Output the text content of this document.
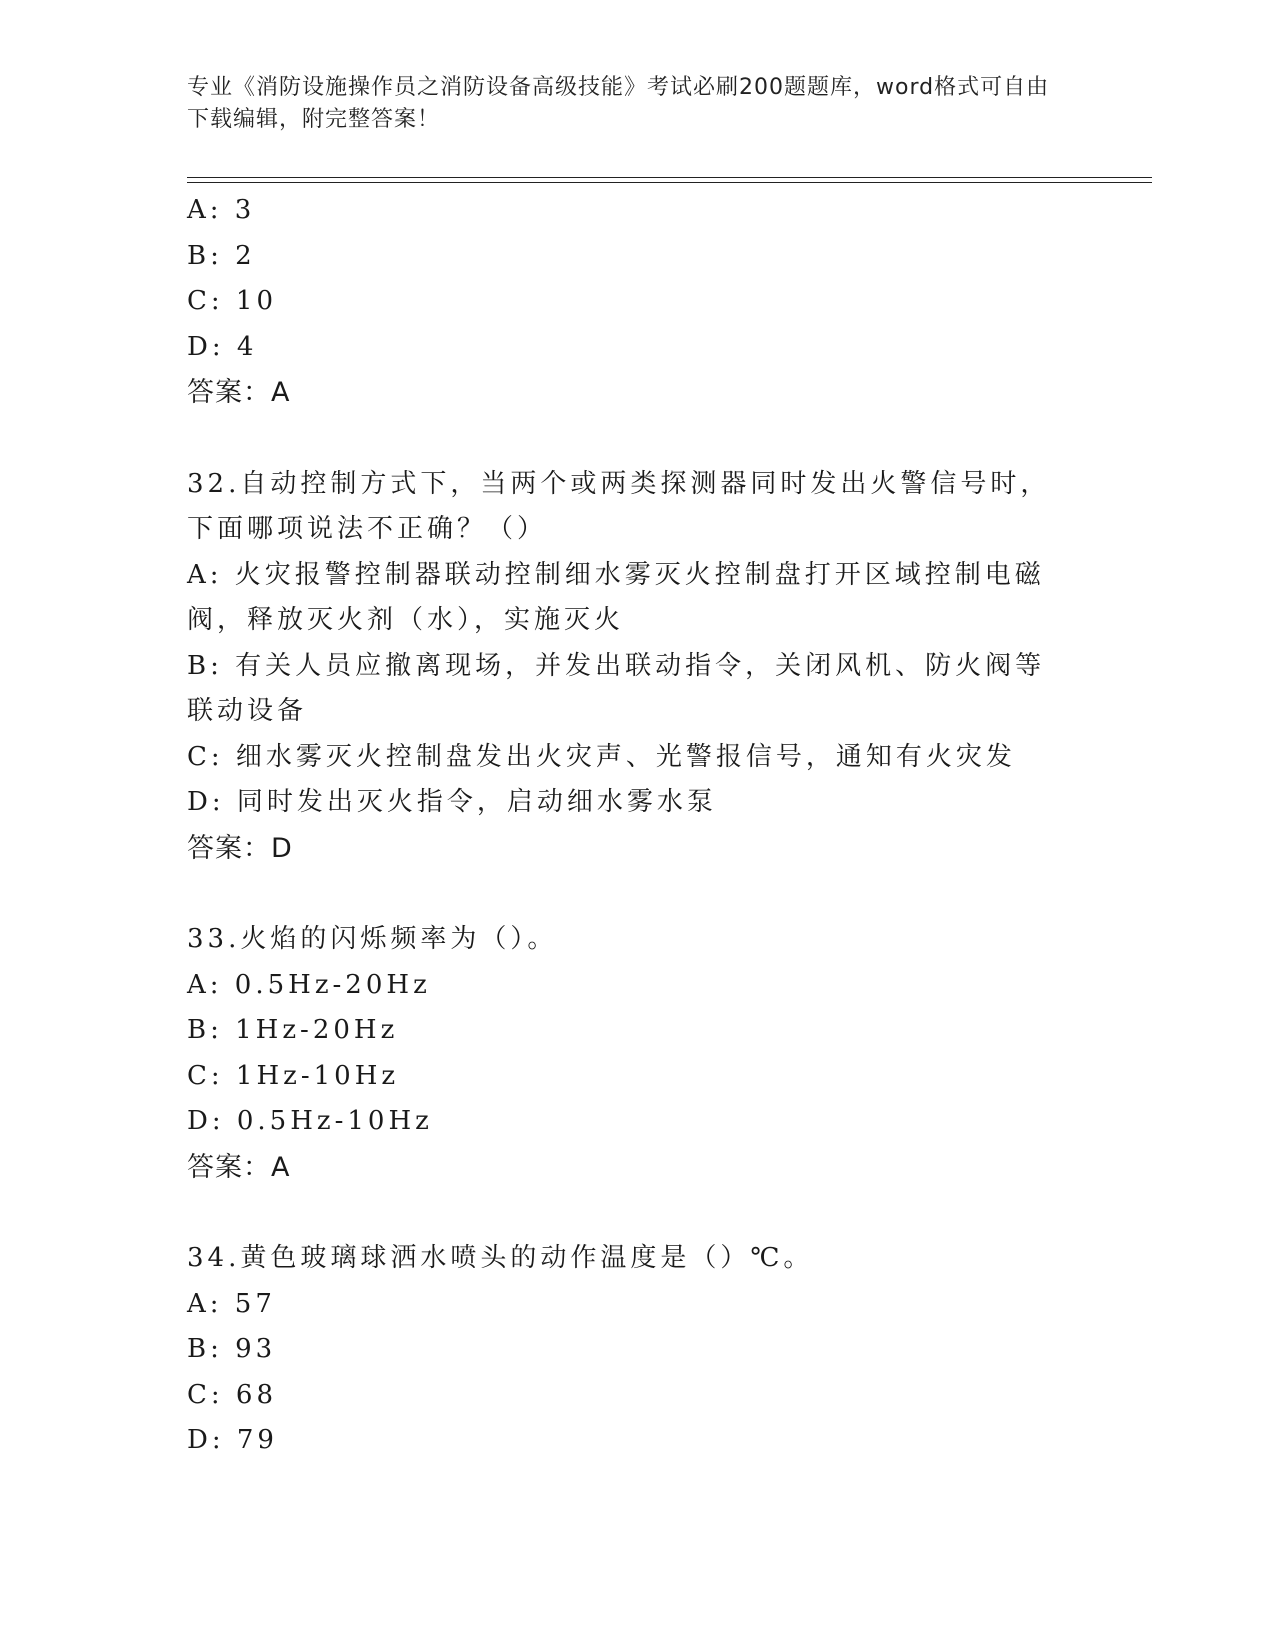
专业《消防设施操作员之消防设备高级技能》考试必刷200题题库，word格式可自由下载编辑，附完整答案！
A: 3
B: 2
C: 10
D: 4
答案：A
32.自动控制方式下，当两个或两类探测器同时发出火警信号时，下面哪项说法不正确？（）
A: 火灾报警控制器联动控制细水雾灭火控制盘打开区域控制电磁阀，释放灭火剂（水），实施灭火
B: 有关人员应撤离现场，并发出联动指令，关闭风机、防火阀等联动设备
C: 细水雾灭火控制盘发出火灾声、光警报信号，通知有火灾发
D: 同时发出灭火指令，启动细水雾水泵
答案：D
33.火焰的闪烁频率为（）。
A: 0.5Hz-20Hz
B: 1Hz-20Hz
C: 1Hz-10Hz
D: 0.5Hz-10Hz
答案：A
34.黄色玻璃球洒水喷头的动作温度是（）℃。
A: 57
B: 93
C: 68
D: 79
